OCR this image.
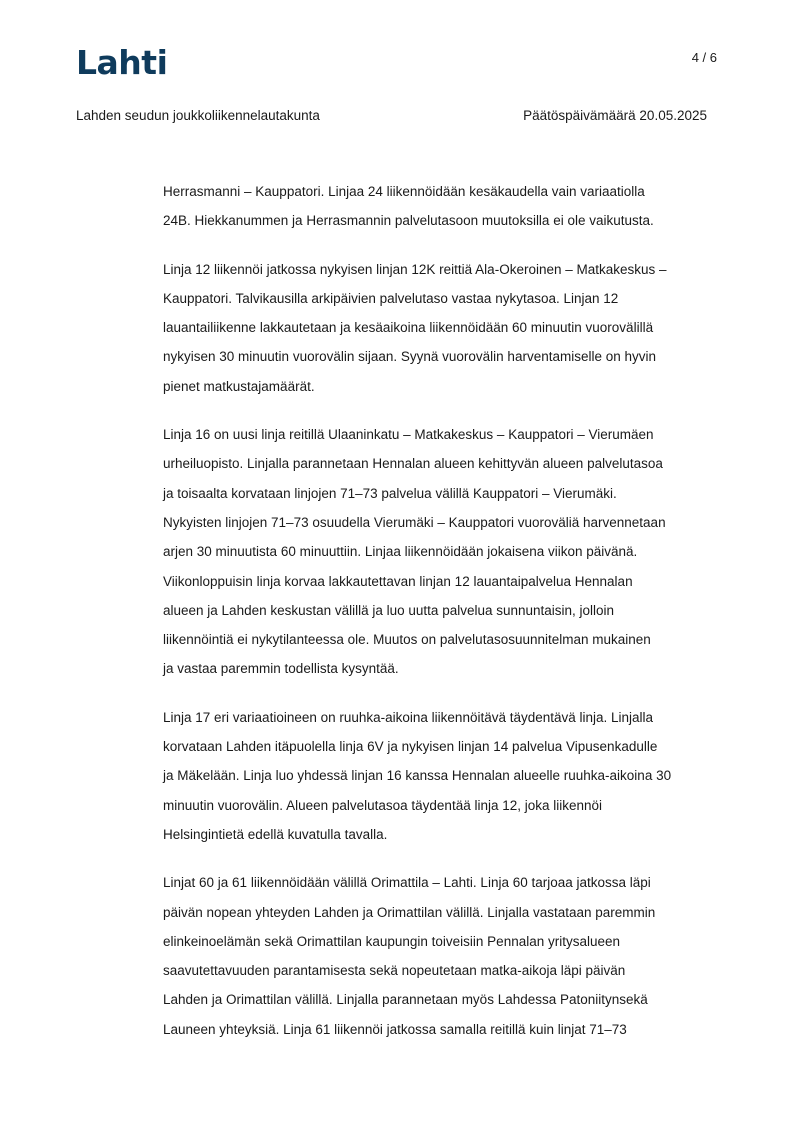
Lahti	4 / 6
Lahden seudun joukkoliikennelautakunta	Päätöspäivämäärä 20.05.2025

Herrasmanni – Kauppatori. Linjaa 24 liikennöidään kesäkaudella vain variaatiolla
24B. Hiekkanummen ja Herrasmannin palvelutasoon muutoksilla ei ole vaikutusta.

Linja 12 liikennöi jatkossa nykyisen linjan 12K reittiä Ala-Okeroinen – Matkakeskus –
Kauppatori. Talvikausilla arkipäivien palvelutaso vastaa nykytasoa. Linjan 12
lauantailiikenne lakkautetaan ja kesäaikoina liikennöidään 60 minuutin vuorovälillä
nykyisen 30 minuutin vuorovälin sijaan. Syynä vuorovälin harventamiselle on hyvin
pienet matkustajamäärät.

Linja 16 on uusi linja reitillä Ulaaninkatu – Matkakeskus – Kauppatori – Vierumäen
urheiluopisto. Linjalla parannetaan Hennalan alueen kehittyvän alueen palvelutasoa
ja toisaalta korvataan linjojen 71–73 palvelua välillä Kauppatori – Vierumäki.
Nykyisten linjojen 71–73 osuudella Vierumäki – Kauppatori vuoroväliä harvennetaan
arjen 30 minuutista 60 minuuttiin. Linjaa liikennöidään jokaisena viikon päivänä.
Viikonloppuisin linja korvaa lakkautettavan linjan 12 lauantaipalvelua Hennalan
alueen ja Lahden keskustan välillä ja luo uutta palvelua sunnuntaisin, jolloin
liikennöintiä ei nykytilanteessa ole. Muutos on palvelutasosuunnitelman mukainen
ja vastaa paremmin todellista kysyntää.

Linja 17 eri variaatioineen on ruuhka-aikoina liikennöitävä täydentävä linja. Linjalla
korvataan Lahden itäpuolella linja 6V ja nykyisen linjan 14 palvelua Vipusenkadulle
ja Mäkelään. Linja luo yhdessä linjan 16 kanssa Hennalan alueelle ruuhka-aikoina 30
minuutin vuorovälin. Alueen palvelutasoa täydentää linja 12, joka liikennöi
Helsingintietä edellä kuvatulla tavalla.

Linjat 60 ja 61 liikennöidään välillä Orimattila – Lahti. Linja 60 tarjoaa jatkossa läpi
päivän nopean yhteyden Lahden ja Orimattilan välillä. Linjalla vastataan paremmin
elinkeinoelämän sekä Orimattilan kaupungin toiveisiin Pennalan yritysalueen
saavutettavuuden parantamisesta sekä nopeutetaan matka-aikoja läpi päivän
Lahden ja Orimattilan välillä. Linjalla parannetaan myös Lahdessa Patoniitynsekä
Launeen yhteyksiä. Linja 61 liikennöi jatkossa samalla reitillä kuin linjat 71–73
